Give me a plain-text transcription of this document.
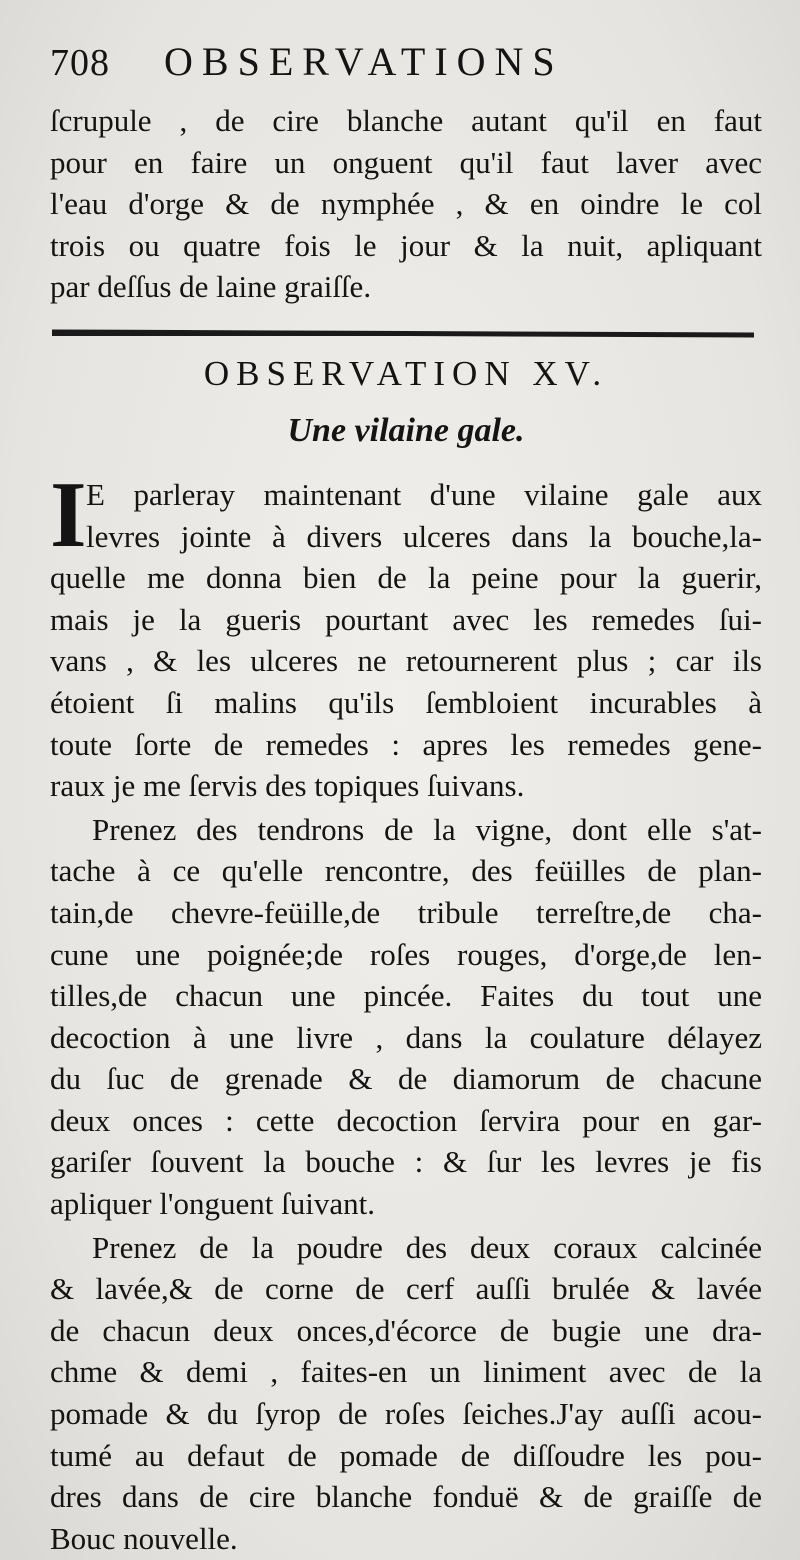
708 OBSERVATIONS
ſcrupule , de cire blanche autant qu'il en faut
pour en faire un onguent qu'il faut laver avec
l'eau d'orge & de nymphée , & en oindre le col
trois ou quatre fois le jour & la nuit, apliquant
par deſſus de laine graiſſe.
OBSERVATION XV.
Une vilaine gale.
I E parleray maintenant d'une vilaine gale aux
levres jointe à divers ulceres dans la bouche,la-
quelle me donna bien de la peine pour la guerir,
mais je la gueris pourtant avec les remedes ſui-
vans , & les ulceres ne retournerent plus ; car ils
étoient ſi malins qu'ils ſembloient incurables à
toute ſorte de remedes : apres les remedes gene-
raux je me ſervis des topiques ſuivans.
Prenez des tendrons de la vigne, dont elle s'at-
tache à ce qu'elle rencontre, des feüilles de plan-
tain,de chevre-feüille,de tribule terreſtre,de cha-
cune une poignée;de roſes rouges, d'orge,de len-
tilles,de chacun une pincée. Faites du tout une
decoction à une livre , dans la coulature délayez
du ſuc de grenade & de diamorum de chacune
deux onces : cette decoction ſervira pour en gar-
gariſer ſouvent la bouche : & ſur les levres je fis
apliquer l'onguent ſuivant.
Prenez de la poudre des deux coraux calcinée
& lavée,& de corne de cerf auſſi brulée & lavée
de chacun deux onces,d'écorce de bugie une dra-
chme & demi , faites-en un liniment avec de la
pomade & du ſyrop de roſes ſeiches.J'ay auſſi acou-
tumé au defaut de pomade de diſſoudre les pou-
dres dans de cire blanche fonduë & de graiſſe de
Bouc nouvelle.
